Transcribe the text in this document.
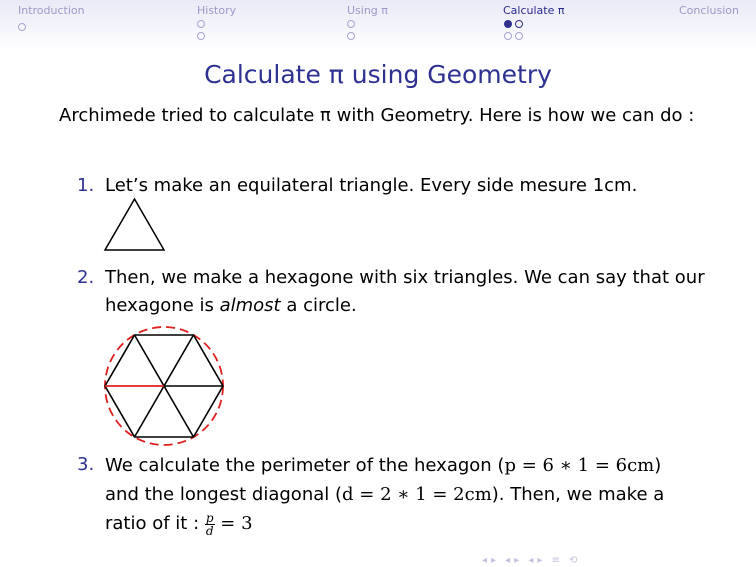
Introduction	History	Using π	Calculate π	Conclusion

Calculate π using Geometry
Archimede tried to calculate π with Geometry. Here is how we can do :
1. Let’s make an equilateral triangle. Every side mesure 1cm.
2. Then, we make a hexagone with six triangles. We can say that our hexagone is almost a circle.
3. We calculate the perimeter of the hexagon (p = 6 ∗ 1 = 6cm)
and the longest diagonal (d = 2 ∗ 1 = 2cm). Then, we make a
ratio of it : $\frac{p}{d} = 3$
◂ ▸ ◂ ▸ ◂ ▸ ≡ ⟲
